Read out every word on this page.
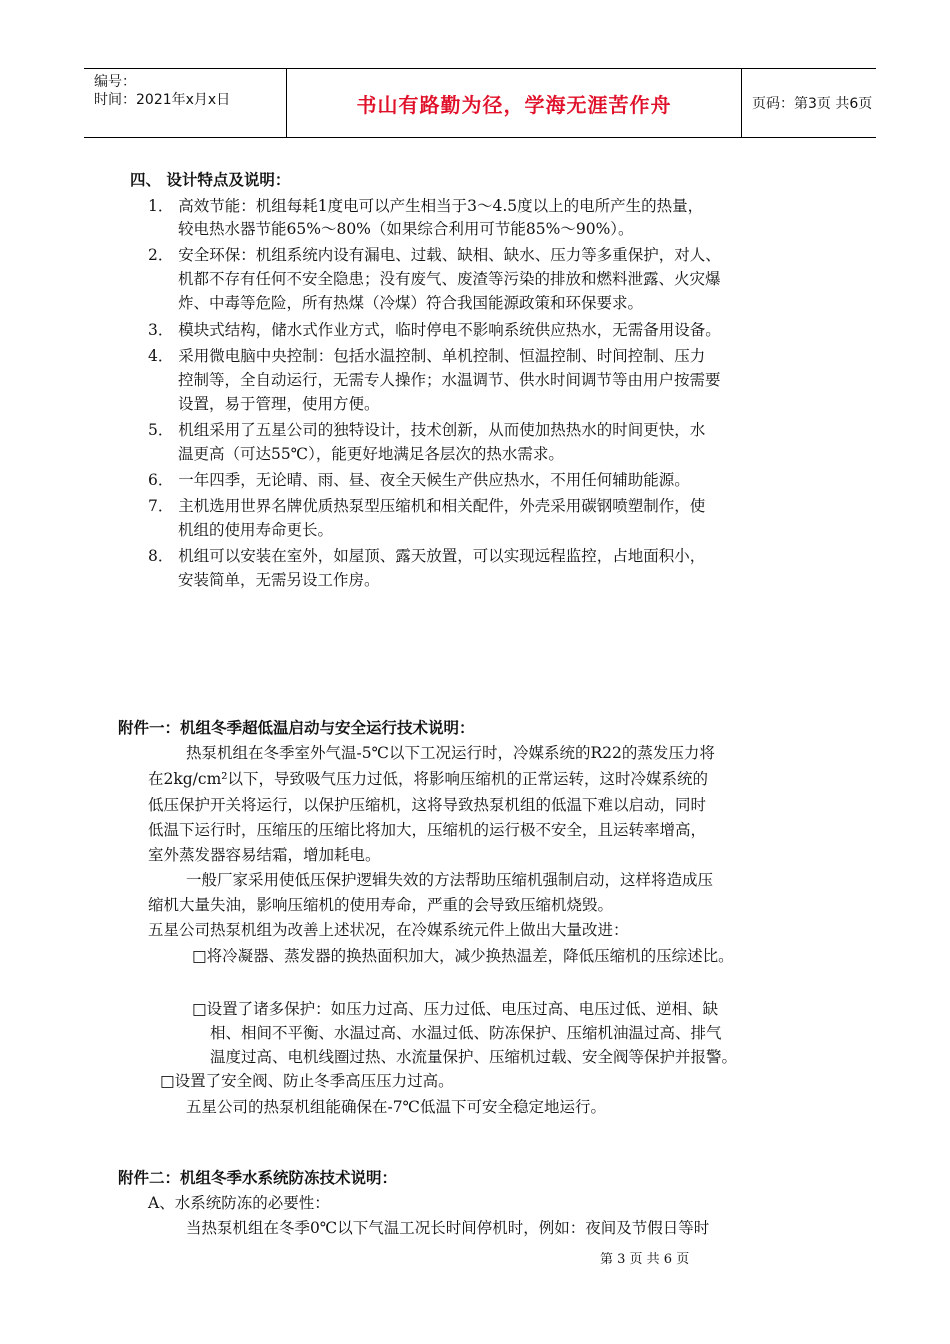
编号：
时间：2021年x月x日	书山有路勤为径，学海无涯苦作舟	页码：第3页 共6页
四、 设计特点及说明：
1． 高效节能：机组每耗1度电可以产生相当于3～4.5度以上的电所产生的热量，
较电热水器节能65%～80%（如果综合利用可节能85%～90%）。
2． 安全环保：机组系统内设有漏电、过载、缺相、缺水、压力等多重保护，对人、
机都不存有任何不安全隐患；没有废气、废渣等污染的排放和燃料泄露、火灾爆
炸、中毒等危险，所有热煤（冷煤）符合我国能源政策和环保要求。
3． 模块式结构，储水式作业方式，临时停电不影响系统供应热水，无需备用设备。
4． 采用微电脑中央控制：包括水温控制、单机控制、恒温控制、时间控制、压力
控制等，全自动运行，无需专人操作；水温调节、供水时间调节等由用户按需要
设置，易于管理，使用方便。
5． 机组采用了五星公司的独特设计，技术创新，从而使加热热水的时间更快，水
温更高（可达55℃），能更好地满足各层次的热水需求。
6． 一年四季，无论晴、雨、昼、夜全天候生产供应热水，不用任何辅助能源。
7． 主机选用世界名牌优质热泵型压缩机和相关配件，外壳采用碳钢喷塑制作，使
机组的使用寿命更长。
8． 机组可以安装在室外，如屋顶、露天放置，可以实现远程监控，占地面积小，
安装简单，无需另设工作房。
附件一：机组冬季超低温启动与安全运行技术说明：
热泵机组在冬季室外气温-5℃以下工况运行时，冷媒系统的R22的蒸发压力将
在2kg/cm²以下，导致吸气压力过低，将影响压缩机的正常运转，这时冷媒系统的
低压保护开关将运行，以保护压缩机，这将导致热泵机组的低温下难以启动，同时
低温下运行时，压缩压的压缩比将加大，压缩机的运行极不安全，且运转率增高，
室外蒸发器容易结霜，增加耗电。
一般厂家采用使低压保护逻辑失效的方法帮助压缩机强制启动，这样将造成压
缩机大量失油，影响压缩机的使用寿命，严重的会导致压缩机烧毁。
五星公司热泵机组为改善上述状况，在冷媒系统元件上做出大量改进：
□将冷凝器、蒸发器的换热面积加大，减少换热温差，降低压缩机的压综述比。
□设置了诸多保护：如压力过高、压力过低、电压过高、电压过低、逆相、缺
相、相间不平衡、水温过高、水温过低、防冻保护、压缩机油温过高、排气
温度过高、电机线圈过热、水流量保护、压缩机过载、安全阀等保护并报警。
□设置了安全阀、防止冬季高压压力过高。
五星公司的热泵机组能确保在-7℃低温下可安全稳定地运行。
附件二：机组冬季水系统防冻技术说明：
A、水系统防冻的必要性：
当热泵机组在冬季0℃以下气温工况长时间停机时，例如：夜间及节假日等时
第 3 页 共 6 页
